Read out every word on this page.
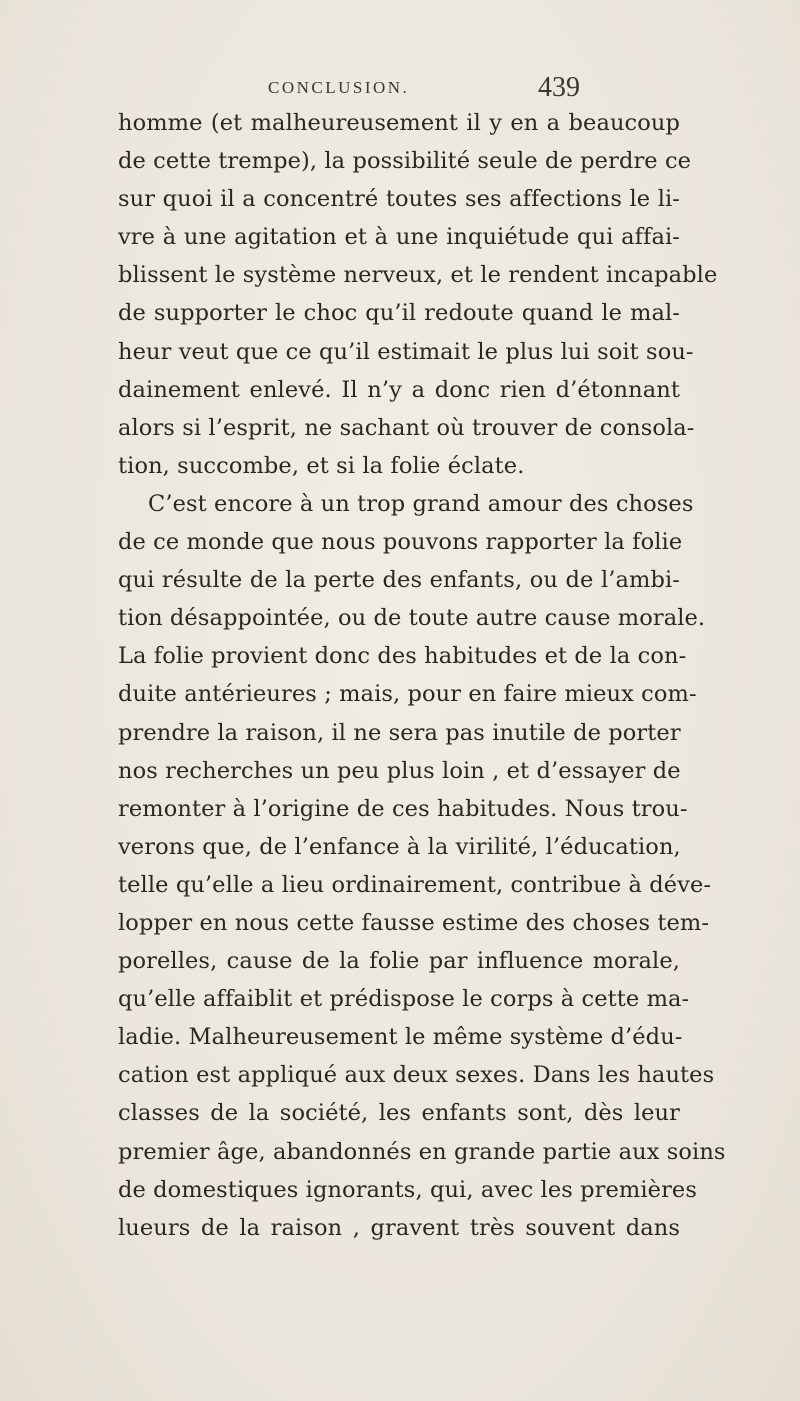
CONCLUSION.	439
homme (et malheureusement il y en a beaucoup
de cette trempe), la possibilité seule de perdre ce
sur quoi il a concentré toutes ses affections le li-
vre à une agitation et à une inquiétude qui affai-
blissent le système nerveux, et le rendent incapable
de supporter le choc qu’il redoute quand le mal-
heur veut que ce qu’il estimait le plus lui soit sou-
dainement enlevé. Il n’y a donc rien d’étonnant
alors si l’esprit, ne sachant où trouver de consola-
tion, succombe, et si la folie éclate.
C’est encore à un trop grand amour des choses
de ce monde que nous pouvons rapporter la folie
qui résulte de la perte des enfants, ou de l’ambi-
tion désappointée, ou de toute autre cause morale.
La folie provient donc des habitudes et de la con-
duite antérieures ; mais, pour en faire mieux com-
prendre la raison, il ne sera pas inutile de porter
nos recherches un peu plus loin , et d’essayer de
remonter à l’origine de ces habitudes. Nous trou-
verons que, de l’enfance à la virilité, l’éducation,
telle qu’elle a lieu ordinairement, contribue à déve-
lopper en nous cette fausse estime des choses tem-
porelles, cause de la folie par influence morale,
qu’elle affaiblit et prédispose le corps à cette ma-
ladie. Malheureusement le même système d’édu-
cation est appliqué aux deux sexes. Dans les hautes
classes de la société, les enfants sont, dès leur
premier âge, abandonnés en grande partie aux soins
de domestiques ignorants, qui, avec les premières
lueurs de la raison , gravent très souvent dans
